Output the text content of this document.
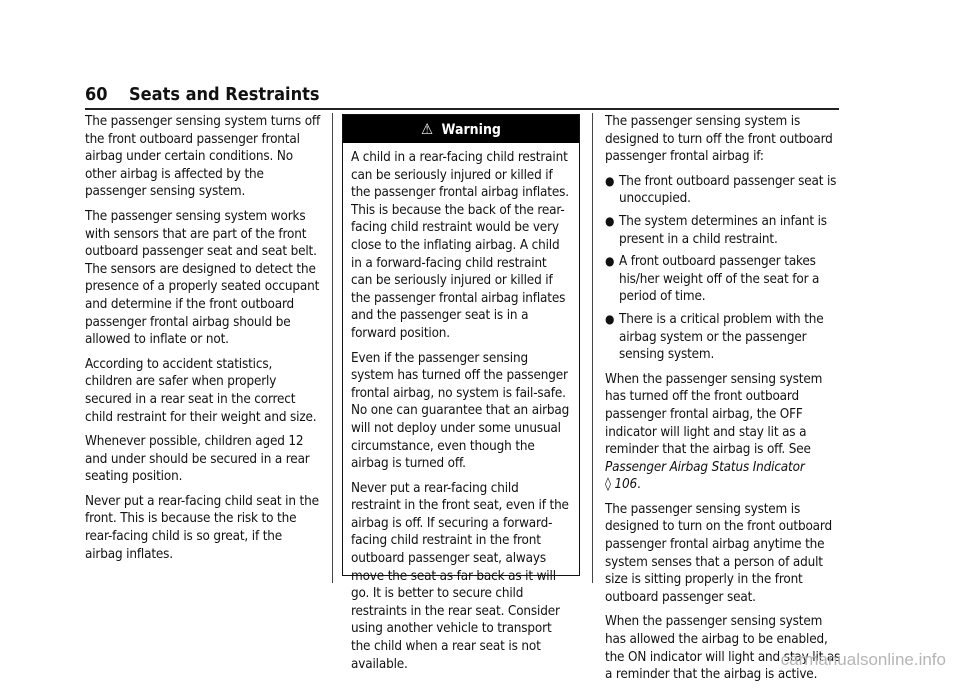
60 Seats and Restraints

The passenger sensing system turns off the front outboard passenger frontal airbag under certain conditions. No other airbag is affected by the passenger sensing system.

The passenger sensing system works with sensors that are part of the front outboard passenger seat and seat belt. The sensors are designed to detect the presence of a properly seated occupant and determine if the front outboard passenger frontal airbag should be allowed to inflate or not.

According to accident statistics, children are safer when properly secured in a rear seat in the correct child restraint for their weight and size.

Whenever possible, children aged 12 and under should be secured in a rear seating position.

Never put a rear-facing child seat in the front. This is because the risk to the rear-facing child is so great, if the airbag inflates.

⚠ Warning

A child in a rear-facing child restraint can be seriously injured or killed if the passenger frontal airbag inflates. This is because the back of the rear-facing child restraint would be very close to the inflating airbag. A child in a forward-facing child restraint can be seriously injured or killed if the passenger frontal airbag inflates and the passenger seat is in a forward position.

Even if the passenger sensing system has turned off the passenger frontal airbag, no system is fail-safe. No one can guarantee that an airbag will not deploy under some unusual circumstance, even though the airbag is turned off.

Never put a rear-facing child restraint in the front seat, even if the airbag is off. If securing a forward-facing child restraint in the front outboard passenger seat, always move the seat as far back as it will go. It is better to secure child restraints in the rear seat. Consider using another vehicle to transport the child when a rear seat is not available.

The passenger sensing system is designed to turn off the front outboard passenger frontal airbag if:

● The front outboard passenger seat is unoccupied.
● The system determines an infant is present in a child restraint.
● A front outboard passenger takes his/her weight off of the seat for a period of time.
● There is a critical problem with the airbag system or the passenger sensing system.

When the passenger sensing system has turned off the front outboard passenger frontal airbag, the OFF indicator will light and stay lit as a reminder that the airbag is off. See Passenger Airbag Status Indicator
◊ 106.

The passenger sensing system is designed to turn on the front outboard passenger frontal airbag anytime the system senses that a person of adult size is sitting properly in the front outboard passenger seat.

When the passenger sensing system has allowed the airbag to be enabled, the ON indicator will light and stay lit as a reminder that the airbag is active.

carmanualsonline.info
